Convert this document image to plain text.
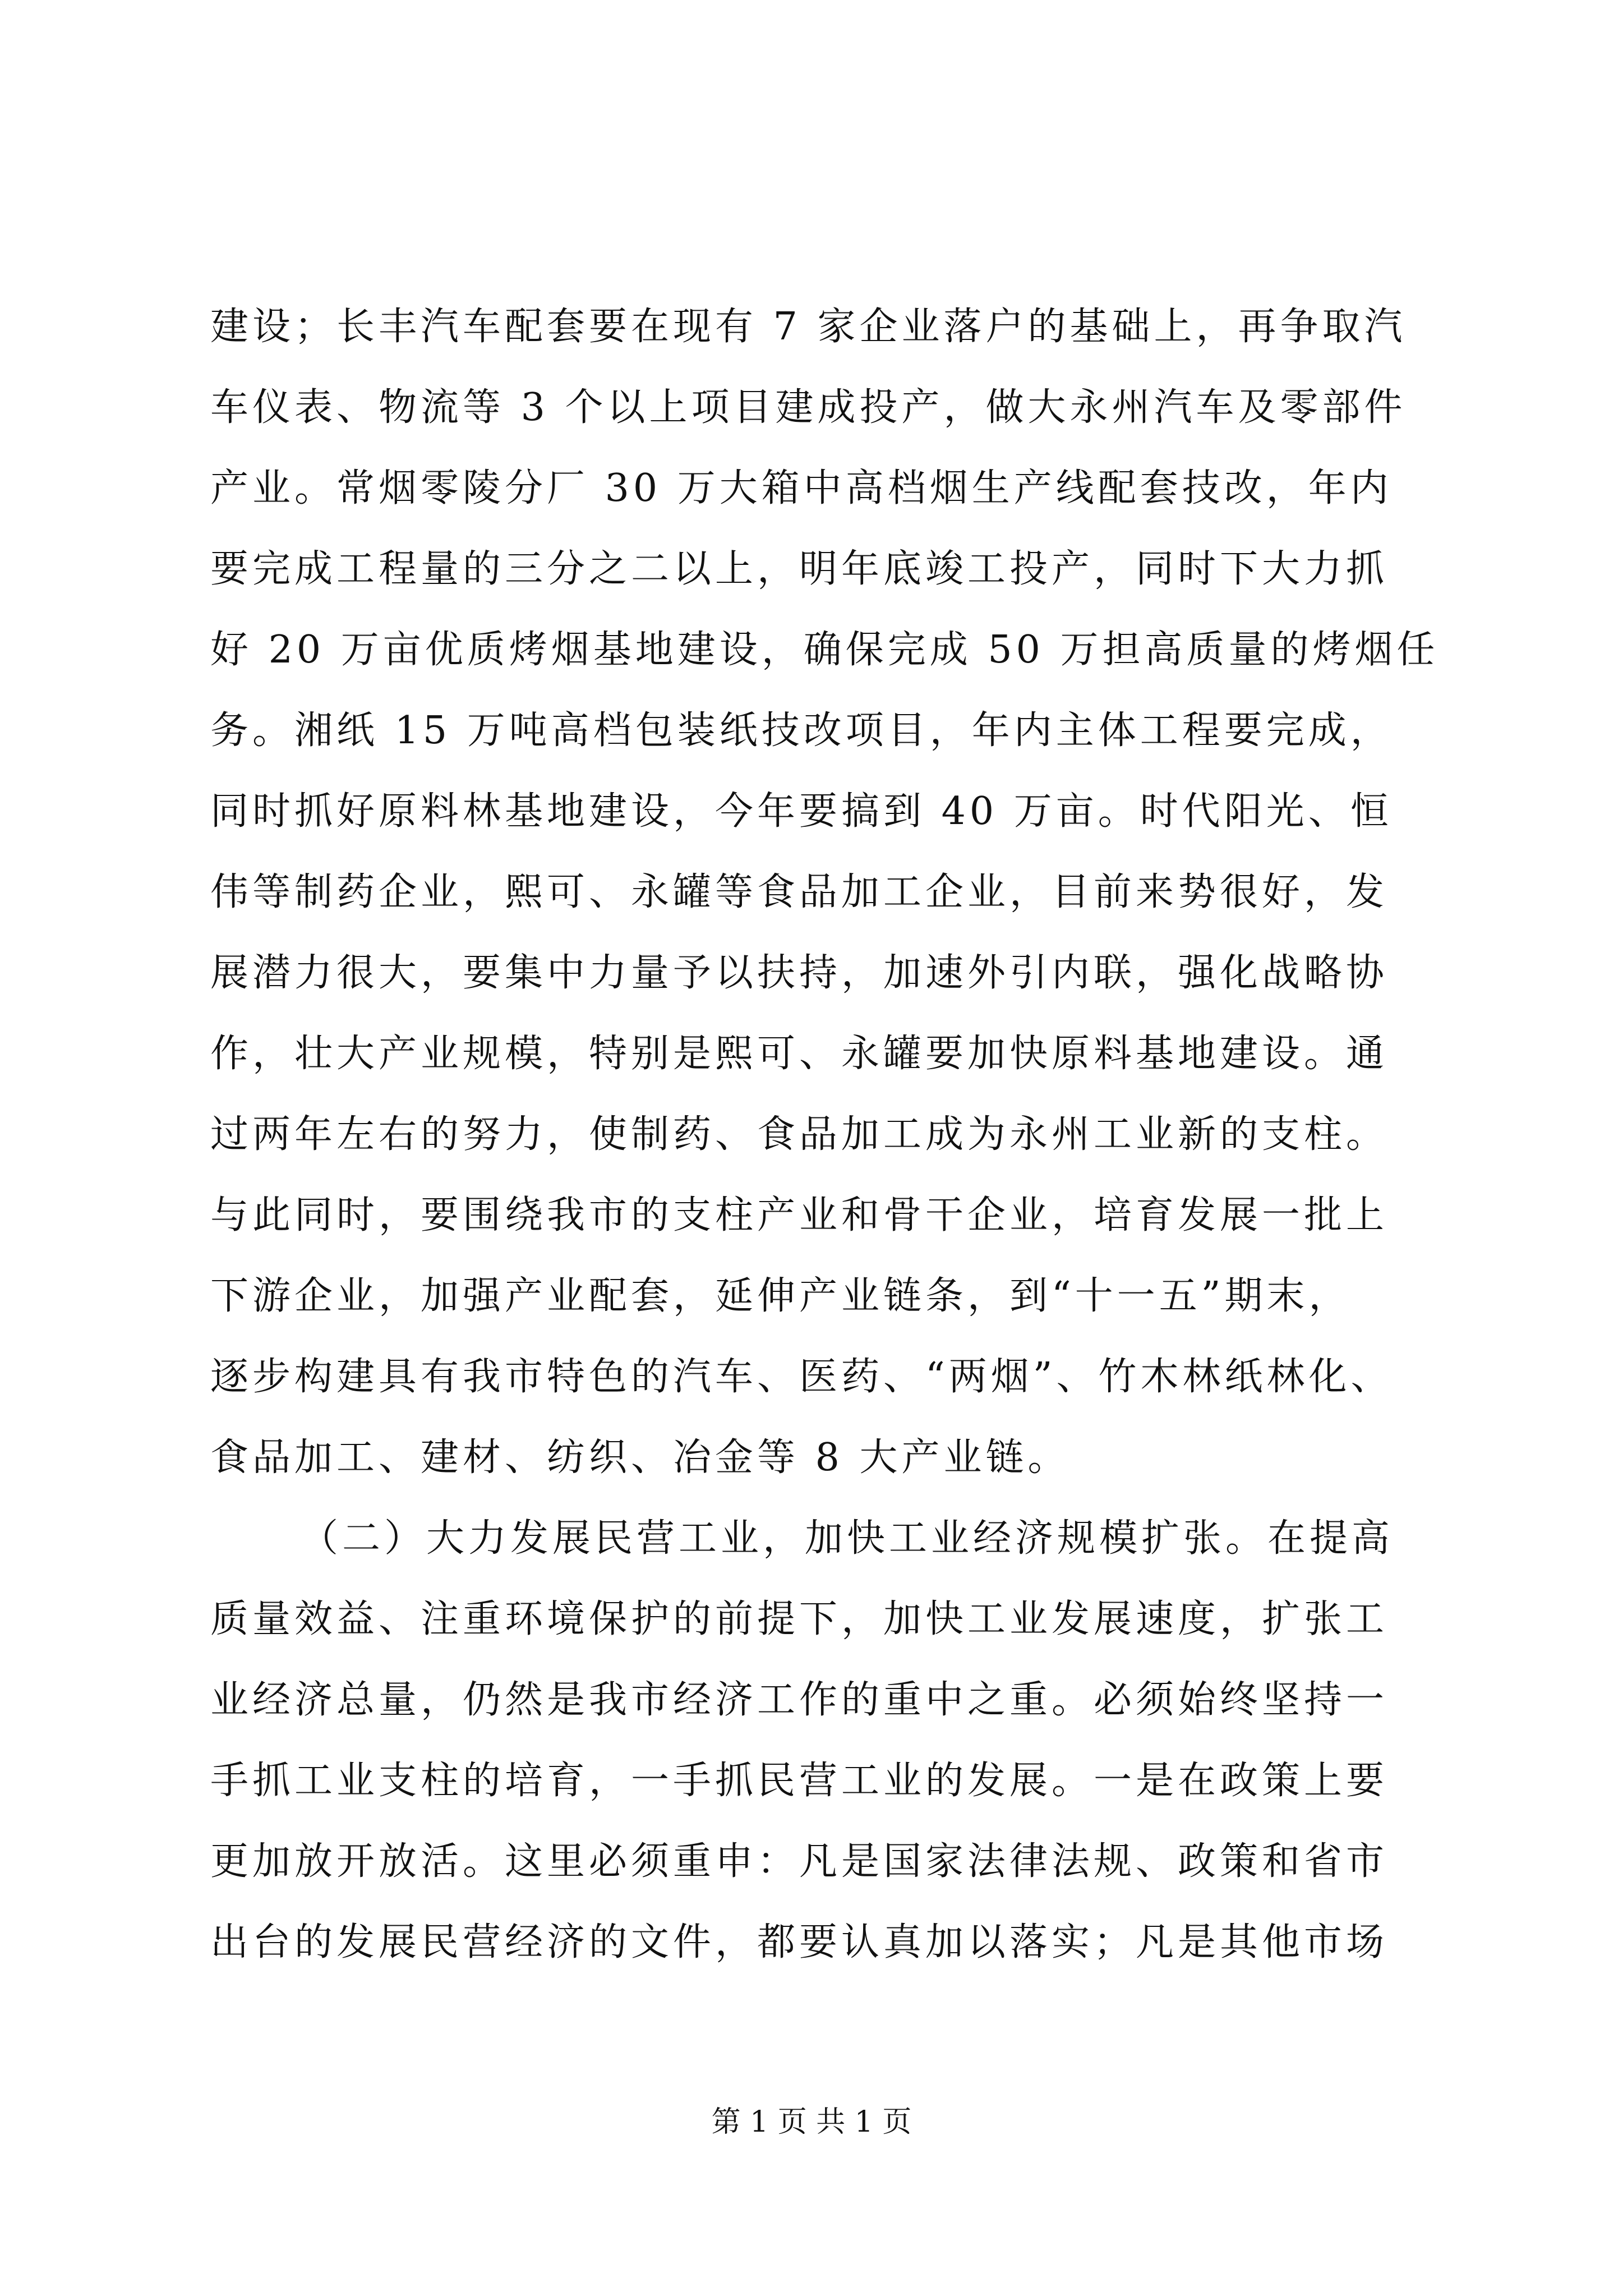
建设；长丰汽车配套要在现有 7 家企业落户的基础上，再争取汽
车仪表、物流等 3 个以上项目建成投产，做大永州汽车及零部件
产业。常烟零陵分厂 30 万大箱中高档烟生产线配套技改，年内
要完成工程量的三分之二以上，明年底竣工投产，同时下大力抓
好 20 万亩优质烤烟基地建设，确保完成 50 万担高质量的烤烟任
务。湘纸 15 万吨高档包装纸技改项目，年内主体工程要完成，
同时抓好原料林基地建设，今年要搞到 40 万亩。时代阳光、恒
伟等制药企业，熙可、永罐等食品加工企业，目前来势很好，发
展潜力很大，要集中力量予以扶持，加速外引内联，强化战略协
作，壮大产业规模，特别是熙可、永罐要加快原料基地建设。通
过两年左右的努力，使制药、食品加工成为永州工业新的支柱。
与此同时，要围绕我市的支柱产业和骨干企业，培育发展一批上
下游企业，加强产业配套，延伸产业链条，到“十一五”期末，
逐步构建具有我市特色的汽车、医药、“两烟”、竹木林纸林化、
食品加工、建材、纺织、冶金等 8 大产业链。
（二）大力发展民营工业，加快工业经济规模扩张。在提高
质量效益、注重环境保护的前提下，加快工业发展速度，扩张工
业经济总量，仍然是我市经济工作的重中之重。必须始终坚持一
手抓工业支柱的培育，一手抓民营工业的发展。一是在政策上要
更加放开放活。这里必须重申：凡是国家法律法规、政策和省市
出台的发展民营经济的文件，都要认真加以落实；凡是其他市场
第 1 页 共 1 页
